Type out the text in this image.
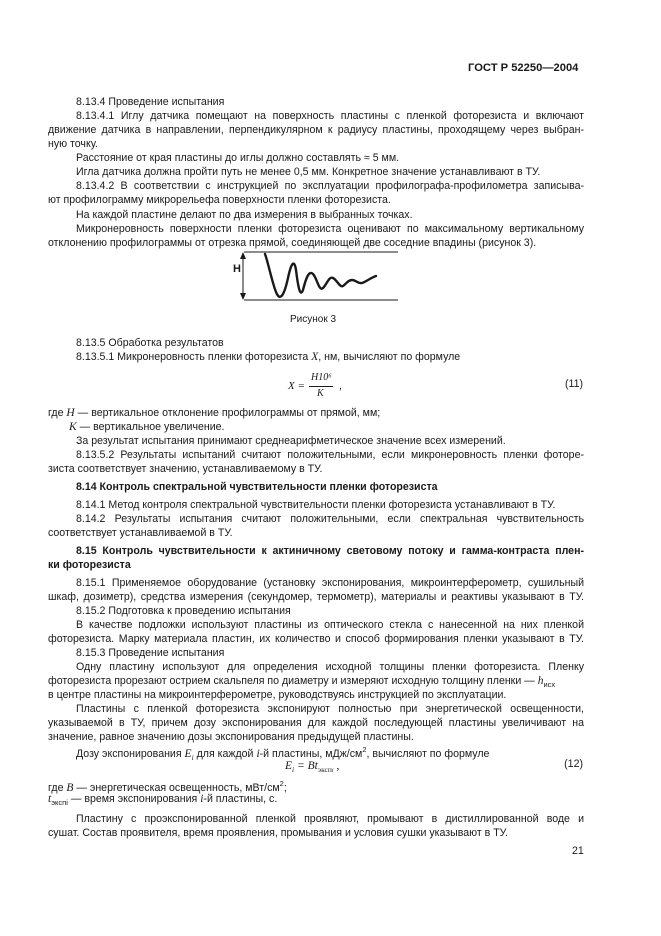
ГОСТ Р 52250—2004
8.13.4 Проведение испытания
8.13.4.1 Иглу датчика помещают на поверхность пластины с пленкой фоторезиста и включают
движение датчика в направлении, перпендикулярном к радиусу пластины, проходящему через выбран-
ную точку.
Расстояние от края пластины до иглы должно составлять ≈ 5 мм.
Игла датчика должна пройти путь не менее 0,5 мм. Конкретное значение устанавливают в ТУ.
8.13.4.2 В соответствии с инструкцией по эксплуатации профилографа-профилометра записыва-
ют профилограмму микрорельефа поверхности пленки фоторезиста.
На каждой пластине делают по два измерения в выбранных точках.
Микронеровность поверхности пленки фоторезиста оценивают по максимальному вертикальному
отклонению профилограммы от отрезка прямой, соединяющей две соседние впадины (рисунок 3).
H
Рисунок 3
8.13.5 Обработка результатов
8.13.5.1 Микронеровность пленки фоторезиста X, нм, вычисляют по формуле
X =
H10⁶
K
,	(11)
где H — вертикальное отклонение профилограммы от прямой, мм;
K — вертикальное увеличение.
За результат испытания принимают среднеарифметическое значение всех измерений.
8.13.5.2 Результаты испытаний считают положительными, если микронеровность пленки фоторе-
зиста соответствует значению, устанавливаемому в ТУ.
8.14 Контроль спектральной чувствительности пленки фоторезиста
8.14.1 Метод контроля спектральной чувствительности пленки фоторезиста устанавливают в ТУ.
8.14.2 Результаты испытания считают положительными, если спектральная чувствительность
соответствует устанавливаемой в ТУ.
8.15 Контроль чувствительности к актиничному световому потоку и гамма-контраста плен-
ки фоторезиста
8.15.1 Применяемое оборудование (установку экспонирования, микроинтерферометр, сушильный
шкаф, дозиметр), средства измерения (секундомер, термометр), материалы и реактивы указывают в ТУ.
8.15.2 Подготовка к проведению испытания
В качестве подложки используют пластины из оптического стекла с нанесенной на них пленкой
фоторезиста. Марку материала пластин, их количество и способ формирования пленки указывают в ТУ.
8.15.3 Проведение испытания
Одну пластину используют для определения исходной толщины пленки фоторезиста. Пленку
фоторезиста прорезают острием скальпеля по диаметру и измеряют исходную толщину пленки — $h_{исх}$
в центре пластины на микроинтерферометре, руководствуясь инструкцией по эксплуатации.
Пластины с пленкой фоторезиста экспонируют полностью при энергетической освещенности,
указываемой в ТУ, причем дозу экспонирования для каждой последующей пластины увеличивают на
значение, равное значению дозы экспонирования предыдущей пластины.
Дозу экспонирования $E_i$ для каждой i-й пластины, мДж/$см^2$, вычисляют по формуле
$E_i = Bt_{экспi}$ ,	(12)
где B — энергетическая освещенность, мВт/$см^2$;
$t_{экспi}$ — время экспонирования i-й пластины, с.
Пластину с проэкспонированной пленкой проявляют, промывают в дистиллированной воде и
сушат. Состав проявителя, время проявления, промывания и условия сушки указывают в ТУ.
21
